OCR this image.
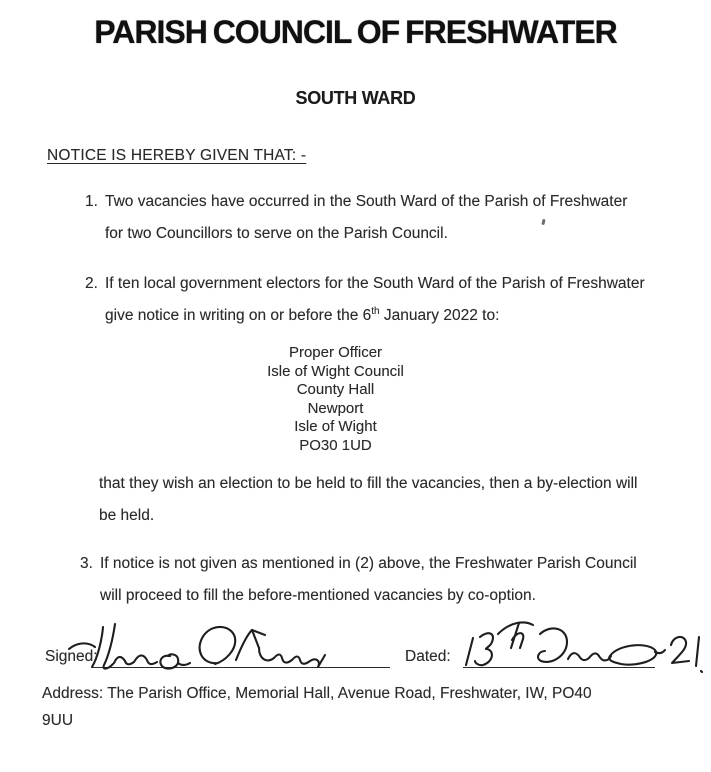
PARISH COUNCIL OF FRESHWATER
SOUTH WARD
NOTICE IS HEREBY GIVEN THAT: -
1. Two vacancies have occurred in the South Ward of the Parish of Freshwater
for two Councillors to serve on the Parish Council.
2. If ten local government electors for the South Ward of the Parish of Freshwater
give notice in writing on or before the 6th January 2022 to:
Proper Officer
Isle of Wight Council
County Hall
Newport
Isle of Wight
PO30 1UD
that they wish an election to be held to fill the vacancies, then a by-election will
be held.
3. If notice is not given as mentioned in (2) above, the Freshwater Parish Council
will proceed to fill the before-mentioned vacancies by co-option.
Signed:	Dated:
Address: The Parish Office, Memorial Hall, Avenue Road, Freshwater, IW, PO40
9UU
